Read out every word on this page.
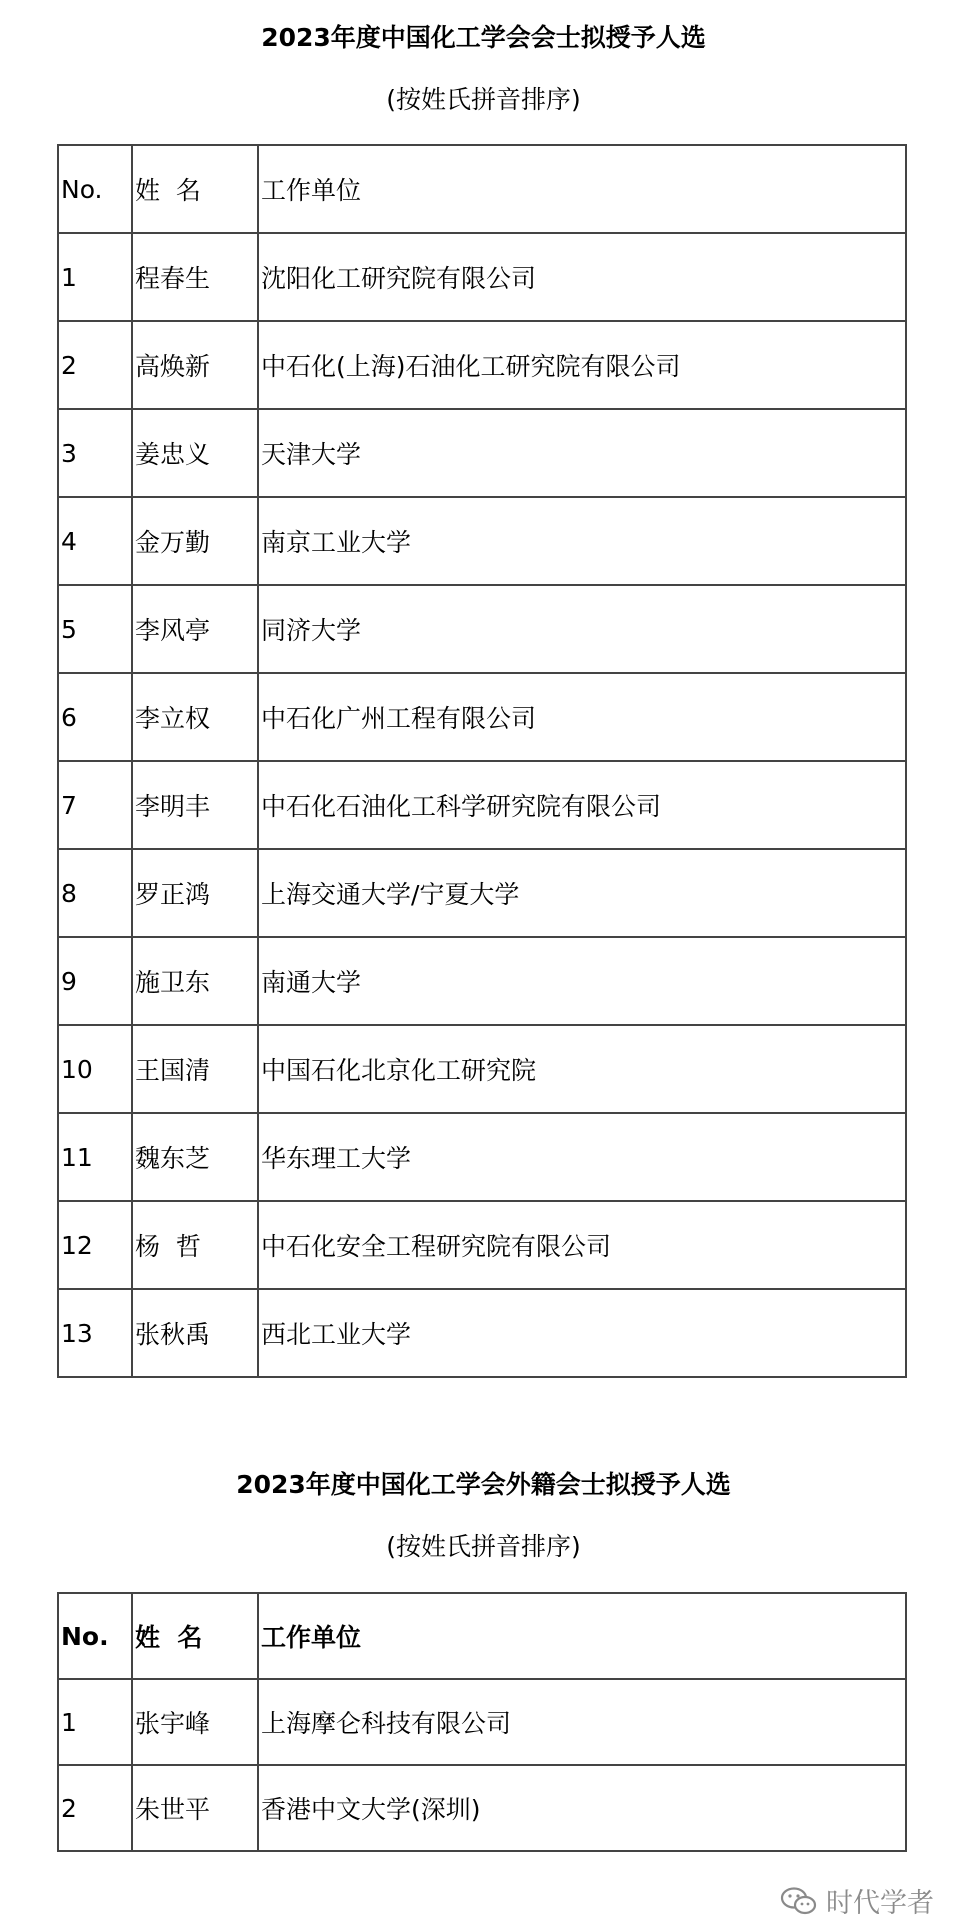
2023年度中国化工学会会士拟授予人选
(按姓氏拼音排序)
No.	姓  名	工作单位
1	程春生	沈阳化工研究院有限公司
2	高焕新	中石化(上海)石油化工研究院有限公司
3	姜忠义	天津大学
4	金万勤	南京工业大学
5	李风亭	同济大学
6	李立权	中石化广州工程有限公司
7	李明丰	中石化石油化工科学研究院有限公司
8	罗正鸿	上海交通大学/宁夏大学
9	施卫东	南通大学
10	王国清	中国石化北京化工研究院
11	魏东芝	华东理工大学
12	杨  哲	中石化安全工程研究院有限公司
13	张秋禹	西北工业大学
2023年度中国化工学会外籍会士拟授予人选
(按姓氏拼音排序)
No.	姓  名	工作单位
1	张宇峰	上海摩仑科技有限公司
2	朱世平	香港中文大学(深圳)
时代学者
